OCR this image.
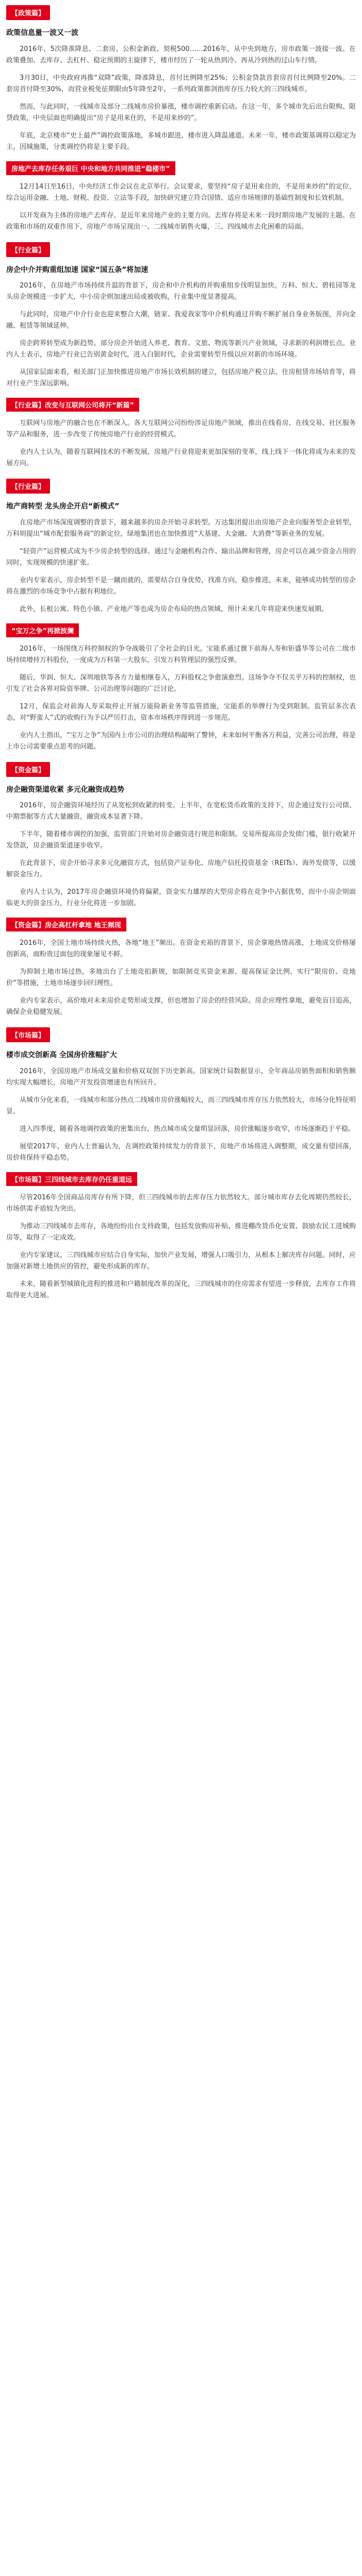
【政策篇】
政策信息量一波又一波

2016年，5次降准降息、二套房、公积金新政、契税500……2016年，从中央到地方，房市政策一波接一波。在政策叠加、去库存、去杠杆、稳定预期的主旋律下，楼市经历了一轮从热到冷、再从冷到热的过山车行情。

3月30日，中央政府再推“双降”政策，降准降息，首付比例降至25%；公积金贷款首套房首付比例降至20%。二套房首付降至30%，而营业税免征期限由5年降至2年，一系列政策都剑指库存压力较大的三四线城市。

然而，与此同时，一线城市及部分二线城市房价暴涨，楼市调控重新启动。在这一年，多个城市先后出台限购、限贷政策，中央层面也明确提出“房子是用来住的，不是用来炒的”。

年底，北京楼市“史上最严”调控政策落地，多城市跟进，楼市进入降温通道。未来一年，楼市政策基调将以稳定为主，因城施策，分类调控仍将是主要手段。

房地产去库存任务艰巨 中央和地方共同推进“稳楼市”

12月14日至16日，中央经济工作会议在北京举行。会议要求，要坚持“房子是用来住的，不是用来炒的”的定位，综合运用金融、土地、财税、投资、立法等手段，加快研究建立符合国情、适应市场规律的基础性制度和长效机制。

以开发商为主体的房地产去库存，是近年来房地产业的主要方向。去库存将是未来一段时期房地产发展的主题。在政策和市场的双重作用下，房地产市场呈现出一、二线城市销售火爆，三、四线城市去化困难的局面。

【行业篇】
房企中介并购重组加速 国家“国五条”将加速

2016年，在房地产市场持续升温的背景下，房企和中介机构的并购重组步伐明显加快。万科、恒大、碧桂园等龙头房企规模进一步扩大，中小房企则加速出局或被收购，行业集中度显著提高。

与此同时，房地产中介行业也迎来整合大潮，链家、我爱我家等中介机构通过并购不断扩展自身业务版图，并向金融、租赁等领域延伸。

房企跨界转型成为新趋势。部分房企开始进入养老、教育、文旅、物流等新兴产业领域，寻求新的利润增长点。业内人士表示，房地产行业已告别黄金时代，进入白银时代，企业需要转型升级以应对新的市场环境。

从国家层面来看，相关部门正加快推进房地产市场长效机制的建立，包括房地产税立法、住房租赁市场培育等，将对行业产生深远影响。

【行业篇】改变与互联网公司将开“新篇”

互联网与房地产的融合也在不断深入。各大互联网公司纷纷涉足房地产领域，推出在线看房、在线交易、社区服务等产品和服务，进一步改变了传统房地产行业的经营模式。

业内人士认为，随着互联网技术的不断发展，房地产行业将迎来更加深刻的变革，线上线下一体化将成为未来的发展方向。

【行业篇】
地产商转型 龙头房企开启“新模式”

在房地产市场深度调整的背景下，越来越多的房企开始寻求转型。万达集团提出由房地产企业向服务型企业转型，万科则提出“城市配套服务商”的新定位，绿地集团也在加快推进“大基建、大金融、大消费”等新业务的发展。

“轻资产”运营模式成为不少房企转型的选择。通过与金融机构合作、输出品牌和管理，房企可以在减少资金占用的同时，实现规模的快速扩张。

业内专家表示，房企转型不是一蹴而就的，需要结合自身优势，找准方向，稳步推进。未来，能够成功转型的房企将在激烈的市场竞争中占据有利地位。

此外，长租公寓、特色小镇、产业地产等也成为房企布局的热点领域，预计未来几年将迎来快速发展期。

“宝万之争”再掀波澜

2016年，一场围绕万科控制权的争夺战吸引了全社会的目光。宝能系通过旗下前海人寿和钜盛华等公司在二级市场持续增持万科股份，一度成为万科第一大股东，引发万科管理层的强烈反弹。

随后，华润、恒大、深圳地铁等各方力量相继卷入，万科股权之争愈演愈烈。这场争夺不仅关乎万科的控制权，也引发了社会各界对险资举牌、公司治理等问题的广泛讨论。

12月，保监会对前海人寿采取停止开展万能险新业务等监管措施，宝能系的举牌行为受到限制。监管层多次表态，对“野蛮人”式的收购行为予以严厉打击，资本市场秩序得到进一步规范。

业内人士指出，“宝万之争”为国内上市公司的治理结构敲响了警钟，未来如何平衡各方利益，完善公司治理，将是上市公司需要重点思考的问题。

【资金篇】
房企融资渠道收紧 多元化融资成趋势

2016年，房企融资环境经历了从宽松到收紧的转变。上半年，在宽松货币政策的支持下，房企通过发行公司债、中期票据等方式大量融资，融资成本显著下降。

下半年，随着楼市调控的加强，监管部门开始对房企融资进行规范和限制。交易所提高房企发债门槛，银行收紧开发贷款，房企融资渠道逐步收窄。

在此背景下，房企开始寻求多元化融资方式，包括资产证券化、房地产信托投资基金（REITs）、海外发债等，以缓解资金压力。

业内人士认为，2017年房企融资环境仍将偏紧，资金实力雄厚的大型房企将在竞争中占据优势，而中小房企则面临更大的资金压力，行业分化将进一步加剧。

【资金篇】房企高杠杆拿地 地王频现

2016年，全国土地市场持续火热，各地“地王”频出。在资金充裕的背景下，房企拿地热情高涨，土地成交价格屡创新高，面粉贵过面包的现象屡见不鲜。

为抑制土地市场过热，多地出台了土地竞拍新规，如限制竞买资金来源、提高保证金比例、实行“限房价、竞地价”等措施，土地市场逐步回归理性。

业内专家表示，高价地对未来房价走势形成支撑，但也增加了房企的经营风险。房企应理性拿地，避免盲目追高，确保企业稳健发展。

【市场篇】
楼市成交创新高 全国房价涨幅扩大

2016年，全国房地产市场成交量和价格双双创下历史新高。国家统计局数据显示，全年商品房销售面积和销售额均实现大幅增长，房地产开发投资增速也有所回升。

从城市分化来看，一线城市和部分热点二线城市房价涨幅较大，而三四线城市库存压力依然较大，市场分化特征明显。

进入四季度，随着各地调控政策的密集出台，热点城市成交量明显回落，房价涨幅逐步收窄，市场逐渐趋于平稳。

展望2017年，业内人士普遍认为，在调控政策持续发力的背景下，房地产市场将进入调整期，成交量有望回落，房价将保持平稳态势。

【市场篇】三四线城市去库存仍任重道远

尽管2016年全国商品房库存有所下降，但三四线城市的去库存压力依然较大。部分城市库存去化周期仍然较长，市场供需矛盾较为突出。

为推动三四线城市去库存，各地纷纷出台支持政策，包括发放购房补贴、推进棚改货币化安置、鼓励农民工进城购房等，取得了一定成效。

业内专家建议，三四线城市应结合自身实际，加快产业发展，增强人口吸引力，从根本上解决库存问题。同时，应加强对新增土地供应的管控，避免形成新的库存。

未来，随着新型城镇化进程的推进和户籍制度改革的深化，三四线城市的住房需求有望进一步释放，去库存工作将取得更大进展。
